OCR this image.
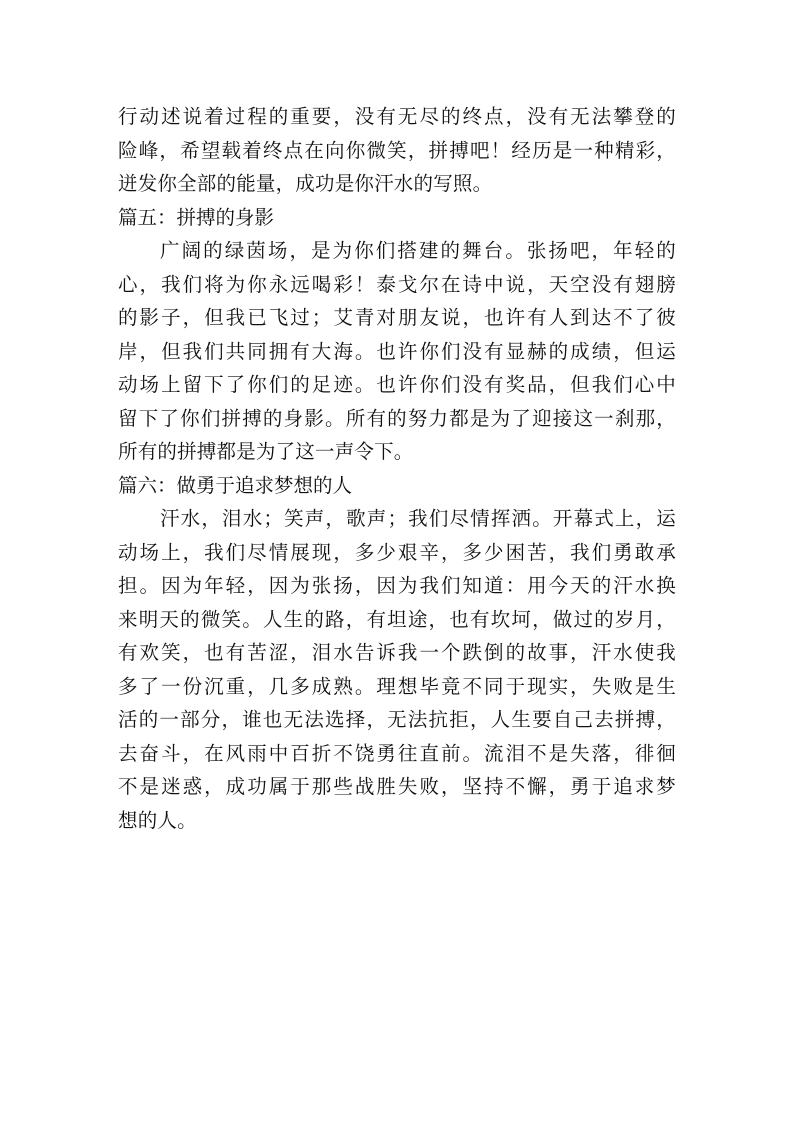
行动述说着过程的重要，没有无尽的终点，没有无法攀登的
险峰，希望载着终点在向你微笑，拼搏吧！经历是一种精彩，
迸发你全部的能量，成功是你汗水的写照。
篇五：拼搏的身影
广阔的绿茵场，是为你们搭建的舞台。张扬吧，年轻的
心，我们将为你永远喝彩！泰戈尔在诗中说，天空没有翅膀
的影子，但我已飞过；艾青对朋友说，也许有人到达不了彼
岸，但我们共同拥有大海。也许你们没有显赫的成绩，但运
动场上留下了你们的足迹。也许你们没有奖品，但我们心中
留下了你们拼搏的身影。所有的努力都是为了迎接这一刹那，
所有的拼搏都是为了这一声令下。
篇六：做勇于追求梦想的人
汗水，泪水；笑声，歌声；我们尽情挥洒。开幕式上，运
动场上，我们尽情展现，多少艰辛，多少困苦，我们勇敢承
担。因为年轻，因为张扬，因为我们知道：用今天的汗水换
来明天的微笑。人生的路，有坦途，也有坎坷，做过的岁月，
有欢笑，也有苦涩，泪水告诉我一个跌倒的故事，汗水使我
多了一份沉重，几多成熟。理想毕竟不同于现实，失败是生
活的一部分，谁也无法选择，无法抗拒，人生要自己去拼搏，
去奋斗，在风雨中百折不饶勇往直前。流泪不是失落，徘徊
不是迷惑，成功属于那些战胜失败，坚持不懈，勇于追求梦
想的人。
